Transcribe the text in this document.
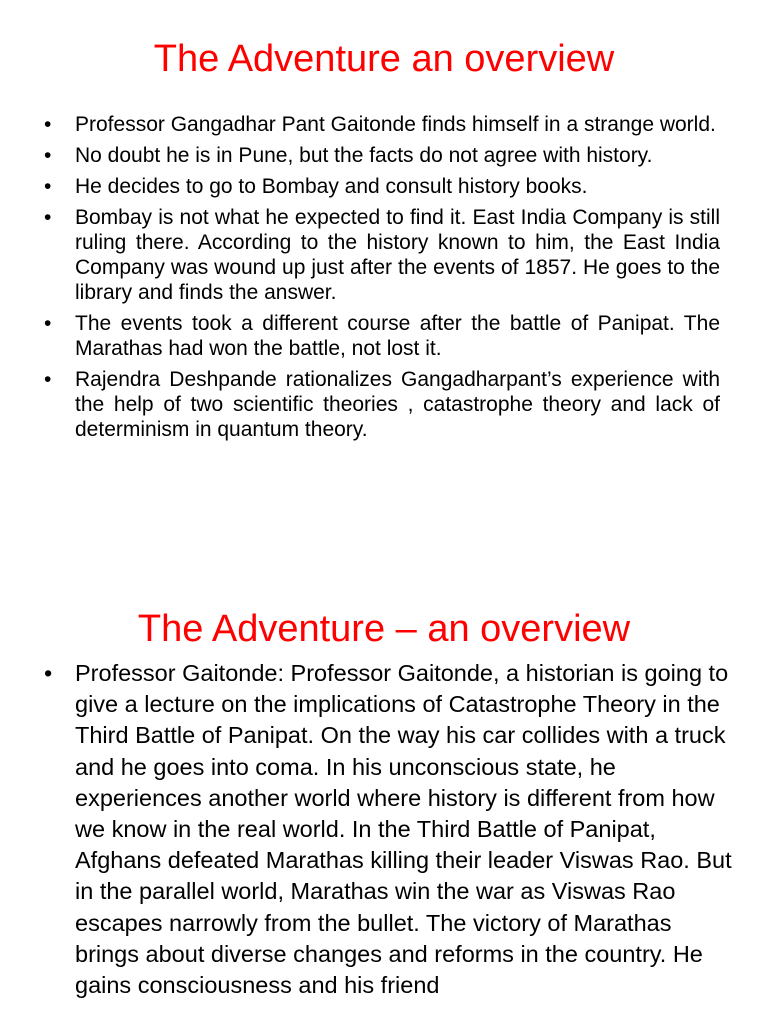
The Adventure an overview
• Professor Gangadhar Pant Gaitonde finds himself in a strange world.
• No doubt he is in Pune, but the facts do not agree with history.
• He decides to go to Bombay and consult history books.
• Bombay is not what he expected to find it. East India Company is still ruling there. According to the history known to him, the East India Company was wound up just after the events of 1857. He goes to the library and finds the answer.
• The events took a different course after the battle of Panipat. The Marathas had won the battle, not lost it.
• Rajendra Deshpande rationalizes Gangadharpant’s experience with the help of two scientific theories , catastrophe theory and lack of determinism in quantum theory.
The Adventure – an overview
• Professor Gaitonde: Professor Gaitonde, a historian is going to give a lecture on the implications of Catastrophe Theory in the Third Battle of Panipat. On the way his car collides with a truck and he goes into coma. In his unconscious state, he experiences another world where history is different from how we know in the real world. In the Third Battle of Panipat, Afghans defeated Marathas killing their leader Viswas Rao. But in the parallel world, Marathas win the war as Viswas Rao escapes narrowly from the bullet. The victory of Marathas brings about diverse changes and reforms in the country. He gains consciousness and his friend
